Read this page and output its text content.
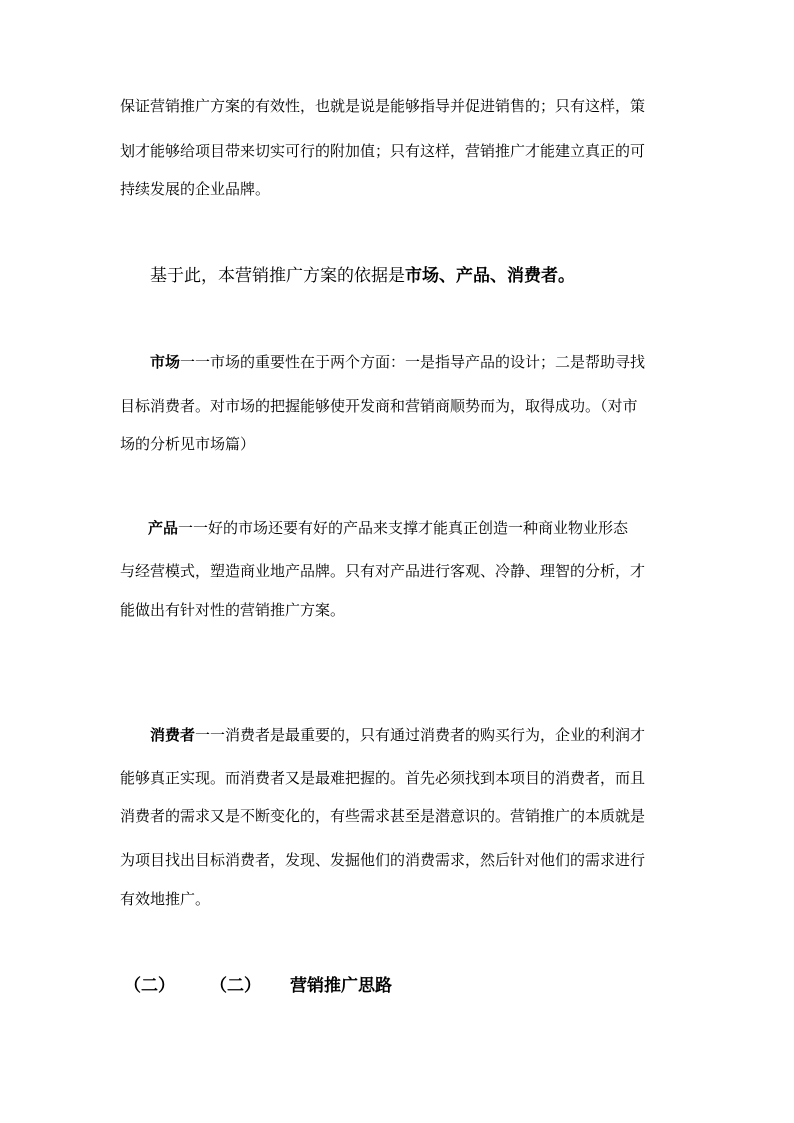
保证营销推广方案的有效性，也就是说是能够指导并促进销售的；只有这样，策
划才能够给项目带来切实可行的附加值；只有这样，营销推广才能建立真正的可
持续发展的企业品牌。
基于此，本营销推广方案的依据是市场、产品、消费者。
市场一一市场的重要性在于两个方面：一是指导产品的设计；二是帮助寻找
目标消费者。对市场的把握能够使开发商和营销商顺势而为，取得成功。（对市
场的分析见市场篇）
产品一一好的市场还要有好的产品来支撑才能真正创造一种商业物业形态
与经营模式，塑造商业地产品牌。只有对产品进行客观、冷静、理智的分析，才
能做出有针对性的营销推广方案。
消费者一一消费者是最重要的，只有通过消费者的购买行为，企业的利润才
能够真正实现。而消费者又是最难把握的。首先必须找到本项目的消费者，而且
消费者的需求又是不断变化的，有些需求甚至是潜意识的。营销推广的本质就是
为项目找出目标消费者，发现、发掘他们的消费需求，然后针对他们的需求进行
有效地推广。
（二） （二） 营销推广思路
